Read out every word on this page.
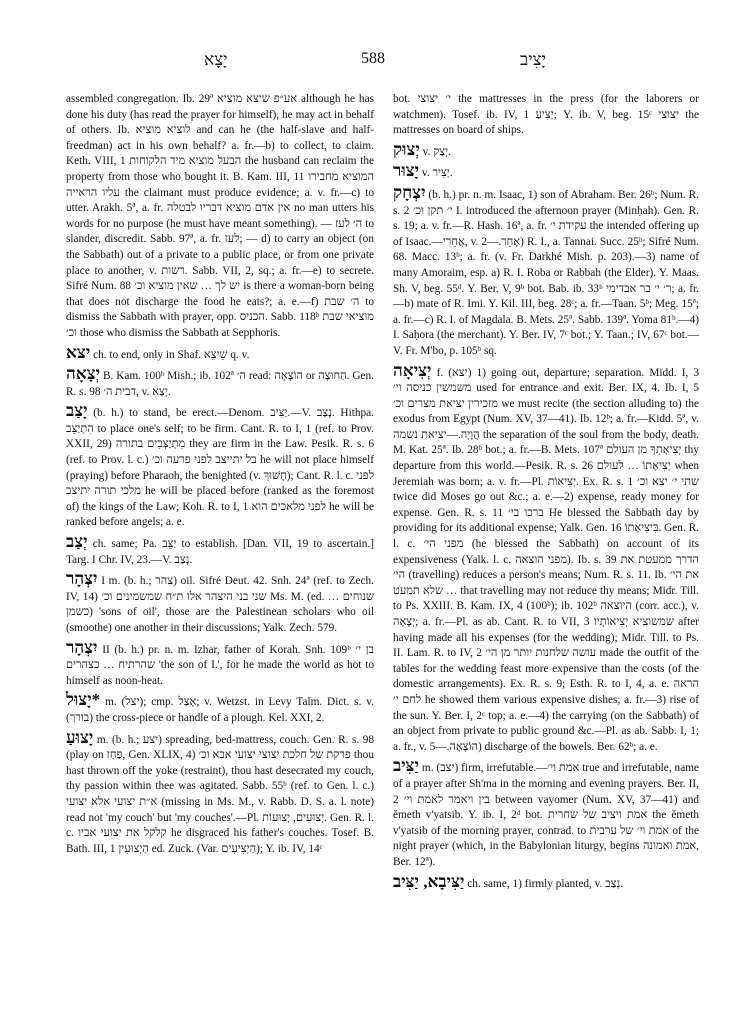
יָצָא	588	יָצִיב

assembled congregation. Ib. 29ª אע״פ שיצא מוציא although he has done his duty (has read the prayer for himself), he may act in behalf of others. Ib. לוציא מוציא and can he (the half-slave and half-freedman) act in his own behalf? a. fr.—b) to collect, to claim. Keth. VIII, 1 הבעל מוציא מיד הלקוחות the husband can reclaim the property from those who bought it. B. Kam. III, 11 המוציא מחבירו עליו הראייה the claimant must produce evidence; a. v. fr.—c) to utter. Arakh. 5ª, a. fr. אין אדם מוציא דבריו לבטלה no man utters his words for no purpose (he must have meant something). — ה׳ לעז to slander, discredit. Sabb. 97ª, a. fr. לעז; — d) to carry an object (on the Sabbath) out of a private to a public place, or from one private place to another, v. רשות. Sabb. VII, 2, sq.; a. fr.—e) to secrete. Sifré Num. 88 יש לך … שאין מוציא וכ׳ is there a woman-born being that does not discharge the food he eats?; a. e.—f) ה׳ שבת to dismiss the Sabbath with prayer, opp. הכניס. Sabb. 118ᵇ מוציאי שבת וכ׳ those who dismiss the Sabbath at Sepphoris.

יצא ch. to end, only in Shaf. שֵׁיצֵא q. v.

יְצָאָה B. Kam. 100ᵇ Mish.; ib. 102ª ה׳ read: הוֹצָאָה or הַחוּצָה. Gen. R. s. 98 דבית ה׳, v. יָצַא.

יָצַב (b. h.) to stand, be erect.—Denom. יַצִּיב.—V. נָצַב. Hithpa. הִתְיַצֵּב to place one's self; to be firm. Cant. R. to I, 1 (ref. to Prov. XXII, 29) מִתְיַצְּבִים בתורה they are firm in the Law. Pesik. R. s. 6 (ref. to Prov. l. c.) בל יתייצב לפני פרעה וכ׳ he will not place himself (praying) before Pharaoh, the benighted (v. חָשׁוּךְ); Cant. R. l. c. לפני מלכי תורה יתיצב he will be placed before (ranked as the foremost of) the kings of the Law; Koh. R. to I, 1 לפני מלאכים הוא he will be ranked before angels; a. e.

יְצַב ch. same; Pa. יַצֵּב to establish. [Dan. VII, 19 to ascertain.] Targ. I Chr. IV, 23.—V. נְצַב.

יִצְהָר I m. (b. h.; צהר) oil. Sifré Deut. 42. Snh. 24ª (ref. to Zech. IV, 14) שני בני היצהר אלו ת״ח שמשמינים וכ׳ Ms. M. (ed. שנוחים … כשמן) 'sons of oil', those are the Palestinean scholars who oil (smoothe) one another in their discussions; Yalk. Zech. 579.

יִצְהָר II (b. h.) pr. n. m. Izhar, father of Korah. Snh. 109ᵇ בן י׳ שהרתיח … כצהרים 'the son of I.', for he made the world as hot to himself as noon-heat.

יָצוּל* m. (יצל); cmp. אָצַל; v. Wetzst. in Levy Talm. Dict. s. v. ‪(בורך)‬ the cross-piece or handle of a plough. Kel. XXI, 2.

יָצוּעַ m. (b. h.; יצע) spreading, bed-mattress, couch. Gen. R. s. 98 (play on פַּחַז, Gen. XLIX, 4) פרקת של חלכת יצוצי יצועי אבא וכ׳ thou hast thrown off the yoke (restraint), thou hast desecrated my couch, thy passion within thee was agitated. Sabb. 55ᵇ (ref. to Gen. l. c.) א״ת יצועי אלא יצועי (missing in Ms. M., v. Rabb. D. S. a. l. note) read not 'my couch' but 'my couches'.—Pl. יְצוּעִים, יְצוּעוֹת. Gen. R. l. c. קלקל את יצועי אביו he disgraced his father's couches. Tosef. B. Bath. III, 1 הַיְצוּעִין ed. Zuck. (Var. הַיְצִיעִים); Y. ib. IV, 14ᶜ

bot. י׳ יצוצי the mattresses in the press (for the laborers or watchmen). Tosef. ib. IV, 1 יְצִיעַ; Y. ib. V, beg. 15ᶜ יצוצי the mattresses on board of ships.

יְצוּק v. יְצַק.

יָצוּר v. יְצִיר.

יִצְחָק (b. h.) pr. n. m. Isaac, 1) son of Abraham. Ber. 26ᵇ; Num. R. s. 2 י׳ תקן וכ׳ I. introduced the afternoon prayer (Minḥah). Gen. R. s. 19; a. v. fr.—R. Hash. 16ª, a. fr. עקידת י׳ the intended offering up of Isaac.—אֲחֵרִי, v. אָחֵר.—2) R. I., a. Tannai. Succ. 25ᵇ; Sifré Num. 68. Macc. 13ᵇ; a. fr. (v. Fr. Darkhé Mish. p. 203).—3) name of many Amoraim, esp. a) R. I. Roba or Rabbah (the Elder). Y. Maas. Sh. V, beg. 55ᵈ. Y. Ber. V, 9ᵇ bot. Bab. ib. 33ᵇ ר׳ י׳ בר אבדימי; a. fr.—b) mate of R. Imi. Y. Kil. III, beg. 28ᶜ; a. fr.—Taan. 5ᵇ; Meg. 15ª; a. fr.—c) R. I. of Magdala. B. Mets. 25ª. Sabb. 139ª. Yoma 81ᵇ.—4) I. Saḥora (the merchant). Y. Ber. IV, 7ᶜ bot.; Y. Taan.; IV, 67ᶜ bot.—V. Fr. M'bo, p. 105ᵇ sq.

יְצִיאָה f. (יצא) 1) going out, departure; separation. Midd. I, 3 משמשין כניסה וי׳ used for entrance and exit. Ber. IX, 4. Ib. I, 5 מזכירין יציאת מצרים וכ׳ we must recite (the section alluding to) the exodus from Egypt (Num. XV, 37—41). Ib. 12ᵇ; a. fr.—Kidd. 5ª, v. הֲוָיָה.—יציאת נשמה the separation of the soul from the body, death. M. Kat. 25ª. Ib. 28ᵇ bot.; a. fr.—B. Mets. 107ª יְצִיאָתְךָ מן העולם thy departure from this world.—Pesik. R. s. 26 יְצִיאָתוֹ … לעולם when Jeremiah was born; a. v. fr.—Pl. יְצִיאוֹת. Ex. R. s. 1 שתי י׳ יצא וכ׳ twice did Moses go out &c.; a. e.—2) expense, ready money for expense. Gen. R. s. 11 ברכו בי׳ He blessed the Sabbath day by providing for its additional expense; Yalk. Gen. 16 בִּיצִיאָתוֹ. Gen. R. l. c. מפני הי׳ (he blessed the Sabbath) on account of its expensiveness (Yalk. l. c. מפני הוצאה). Ib. s. 39 הדרך ממעטת את הי׳ (travelling) reduces a person's means; Num. R. s. 11. Ib. את הי׳ … שלא תמעט that travelling may not reduce thy means; Midr. Till. to Ps. XXIII. B. Kam. IX, 4 (100ᵇ); ib. 102ᵇ היוצאה (corr. acc.), v. יְצָאָה; a. fr.—Pl. as ab. Cant. R. to VII, 3 שמשוציא יְצִיאוֹתָיו after having made all his expenses (for the wedding); Midr. Till. to Ps. II. Lam. R. to IV, 2 עושה שלחנות יותר מן הי׳ made the outfit of the tables for the wedding feast more expensive than the costs (of the domestic arrangements). Ex. R. s. 9; Esth. R. to I, 4, a. e. הראה לחם י׳ he showed them various expensive dishes; a. fr.—3) rise of the sun. Y. Ber. I, 2ᶜ top; a. e.—4) the carrying (on the Sabbath) of an object from private to public ground &c.—Pl. as ab. Sabb. I, 1; a. fr., v. הוֹצָאָה.—5) discharge of the bowels. Ber. 62ᵇ; a. e.

יַצִּיב m. (יצב) firm, irrefutable.—אמת וי׳ true and irrefutable, name of a prayer after Sh'ma in the morning and evening prayers. Ber. II, 2 בין ויאמר לאמת וי׳ between vayomer (Num. XV, 37—41) and ĕmeth v'yatsib. Y. ib. I, 2ᵈ bot. אמת ויציב של שחרית the ĕmeth v'yatsib of the morning prayer, contrad. to אמת וי׳ של ערבית of the night prayer (which, in the Babylonian liturgy, begins אמת ואמונה, Ber. 12ª).

יַצִּיבָא, יַצִּיב ch. same, 1) firmly planted, v. נְצַב.
